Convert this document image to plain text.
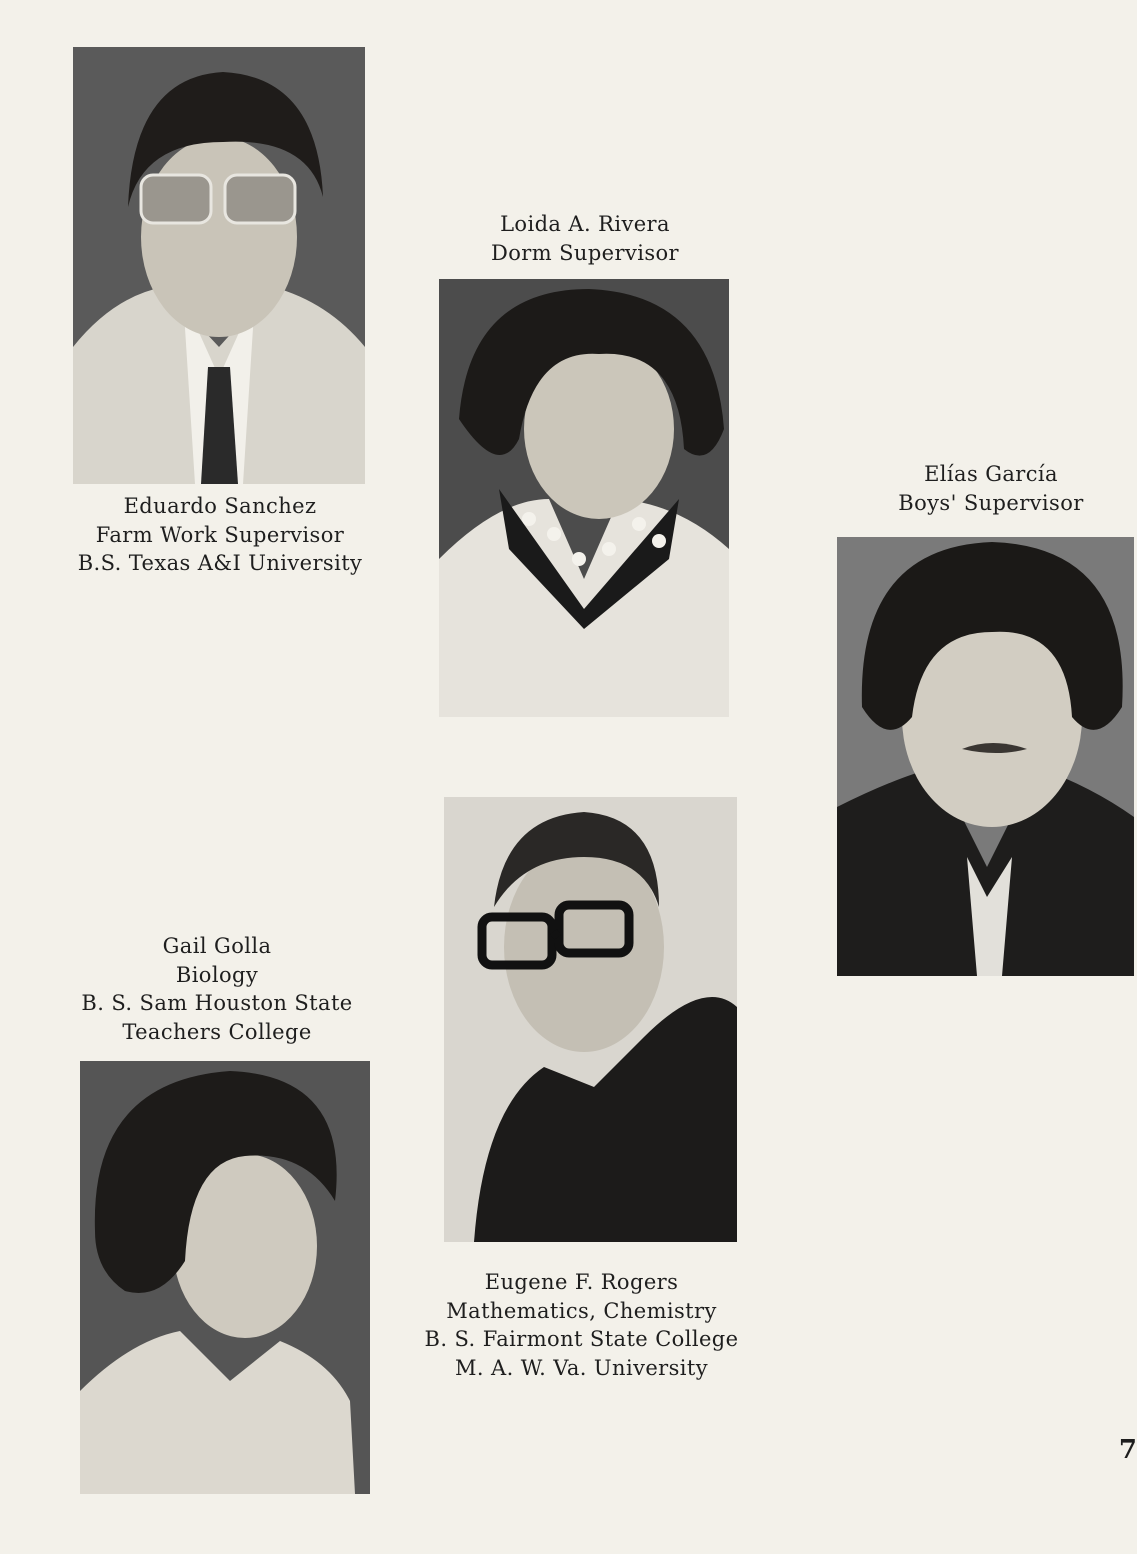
Eduardo Sanchez
Farm Work Supervisor
B.S. Texas A&I University
Loida A. Rivera
Dorm Supervisor
Elías García
Boys' Supervisor
Gail Golla
Biology
B. S. Sam Houston State
Teachers College
Eugene F. Rogers
Mathematics, Chemistry
B. S. Fairmont State College
M. A. W. Va. University
7
